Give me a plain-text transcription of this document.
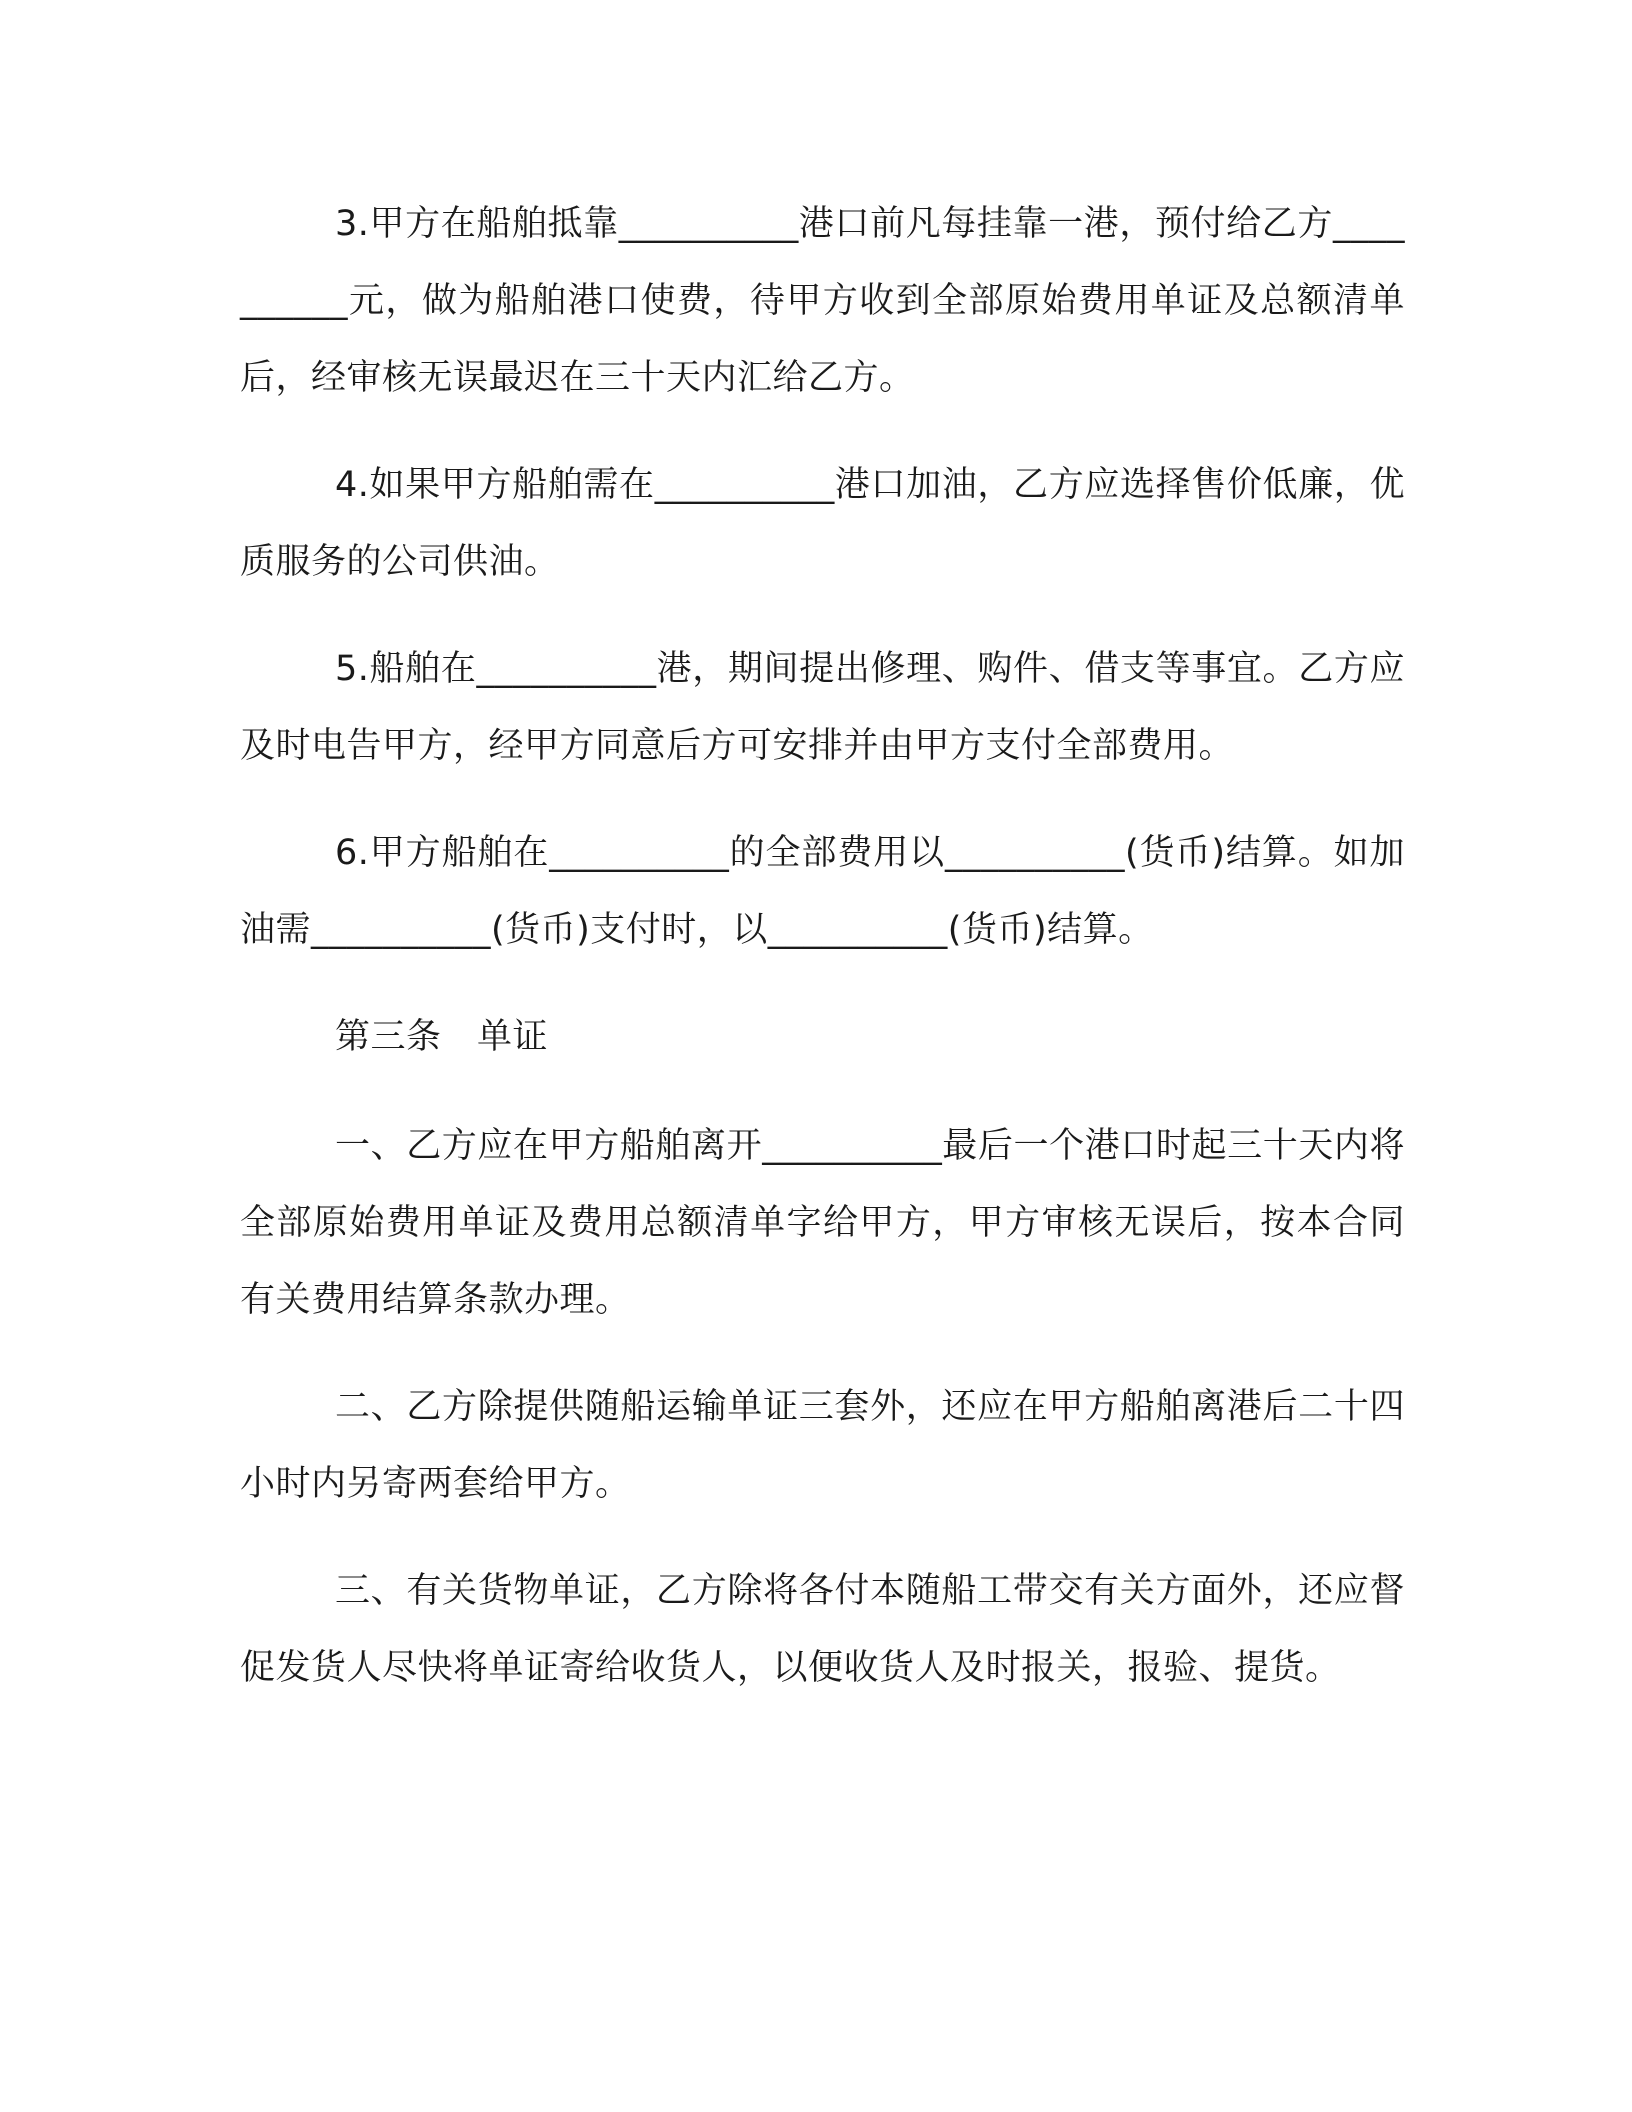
3.甲方在船舶抵靠__________港口前凡每挂靠一港，预付给乙方__________元，做为船舶港口使费，待甲方收到全部原始费用单证及总额清单后，经审核无误最迟在三十天内汇给乙方。

4.如果甲方船舶需在__________港口加油，乙方应选择售价低廉，优质服务的公司供油。

5.船舶在__________港，期间提出修理、购件、借支等事宜。乙方应及时电告甲方，经甲方同意后方可安排并由甲方支付全部费用。

6.甲方船舶在__________的全部费用以__________(货币)结算。如加油需__________(货币)支付时，以__________(货币)结算。

第三条　单证

一、乙方应在甲方船舶离开__________最后一个港口时起三十天内将全部原始费用单证及费用总额清单字给甲方，甲方审核无误后，按本合同有关费用结算条款办理。

二、乙方除提供随船运输单证三套外，还应在甲方船舶离港后二十四小时内另寄两套给甲方。

三、有关货物单证，乙方除将各付本随船工带交有关方面外，还应督促发货人尽快将单证寄给收货人，以便收货人及时报关，报验、提货。
